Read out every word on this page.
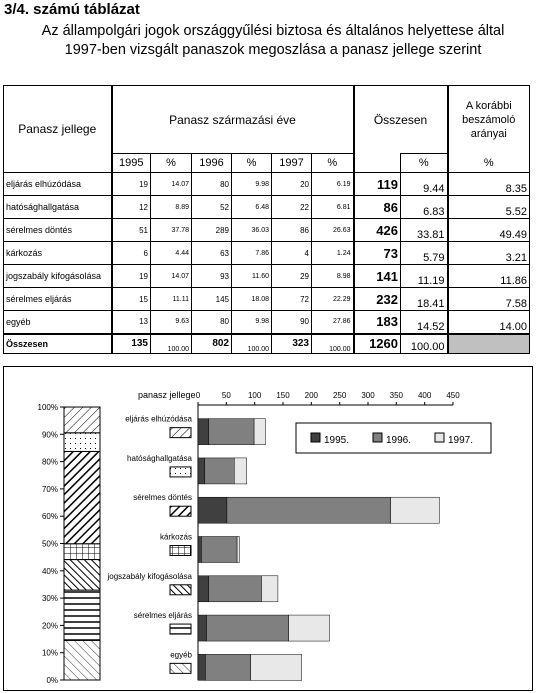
3/4. számú táblázat
Az állampolgári jogok országgyűlési biztosa és általános helyettese által
1997-ben vizsgált panaszok megoszlása a panasz jellege szerint
Panasz jellege	Panasz származási éve						Összesen		A korábbi
beszámoló
arányai

	1995	%	1996	%	1997	%		%	%
eljárás elhúzódása	19	14.07	80	9.98	20	6.19	119	9.44	8.35
hatósághallgatása	12	8.89	52	6.48	22	6.81	86	6.83	5.52
sérelmes döntés	51	37.78	289	36.03	86	26.63	426	33.81	49.49
kárkozás	6	4.44	63	7.86	4	1.24	73	5.79	3.21
jogszabály kifogásolása	19	14.07	93	11.60	29	8.98	141	11.19	11.86
sérelmes eljárás	15	11.11	145	18.08	72	22.29	232	18.41	7.58
egyéb	13	9.63	80	9.98	90	27.86	183	14.52	14.00
Összesen	135	100.00	802	100.00	323	100.00	1260	100.00	
100%
90%
80%
70%
60%
50%
40%
30%
20%
10%
0%
panasz jellege 0	50 100 150 200 250 300 350 400 450
eljárás elhúzódása
hatósághallgatása
sérelmes döntés
kárkozás
jogszabály kifogásolása
sérelmes eljárás
egyéb
1995.	1996.	1997.
